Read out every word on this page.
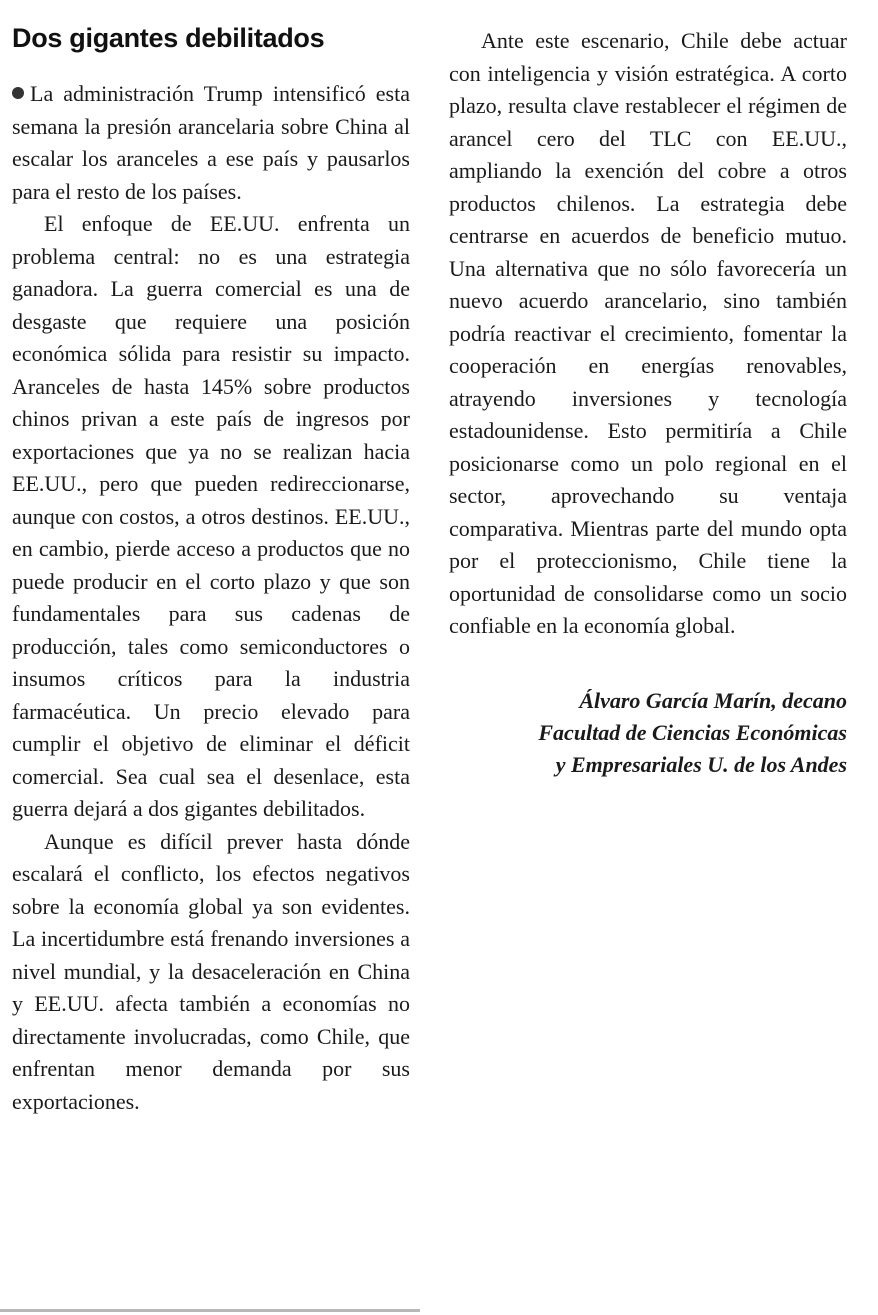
Dos gigantes debilitados

La administración Trump intensificó esta semana la presión arancelaria sobre China al escalar los aranceles a ese país y pausarlos para el resto de los países.

El enfoque de EE.UU. enfrenta un problema central: no es una estrategia ganadora. La guerra comercial es una de desgaste que requiere una posición económica sólida para resistir su impacto. Aranceles de hasta 145% sobre productos chinos privan a este país de ingresos por exportaciones que ya no se realizan hacia EE.UU., pero que pueden redireccionarse, aunque con costos, a otros destinos. EE.UU., en cambio, pierde acceso a productos que no puede producir en el corto plazo y que son fundamentales para sus cadenas de producción, tales como semiconductores o insumos críticos para la industria farmacéutica. Un precio elevado para cumplir el objetivo de eliminar el déficit comercial. Sea cual sea el desenlace, esta guerra dejará a dos gigantes debilitados.

Aunque es difícil prever hasta dónde escalará el conflicto, los efectos negativos sobre la economía global ya son evidentes. La incertidumbre está frenando inversiones a nivel mundial, y la desaceleración en China y EE.UU. afecta también a economías no directamente involucradas, como Chile, que enfrentan menor demanda por sus exportaciones.

Ante este escenario, Chile debe actuar con inteligencia y visión estratégica. A corto plazo, resulta clave restablecer el régimen de arancel cero del TLC con EE.UU., ampliando la exención del cobre a otros productos chilenos. La estrategia debe centrarse en acuerdos de beneficio mutuo. Una alternativa que no sólo favorecería un nuevo acuerdo arancelario, sino también podría reactivar el crecimiento, fomentar la cooperación en energías renovables, atrayendo inversiones y tecnología estadounidense. Esto permitiría a Chile posicionarse como un polo regional en el sector, aprovechando su ventaja comparativa. Mientras parte del mundo opta por el proteccionismo, Chile tiene la oportunidad de consolidarse como un socio confiable en la economía global.

Álvaro García Marín, decano
Facultad de Ciencias Económicas
y Empresariales U. de los Andes
